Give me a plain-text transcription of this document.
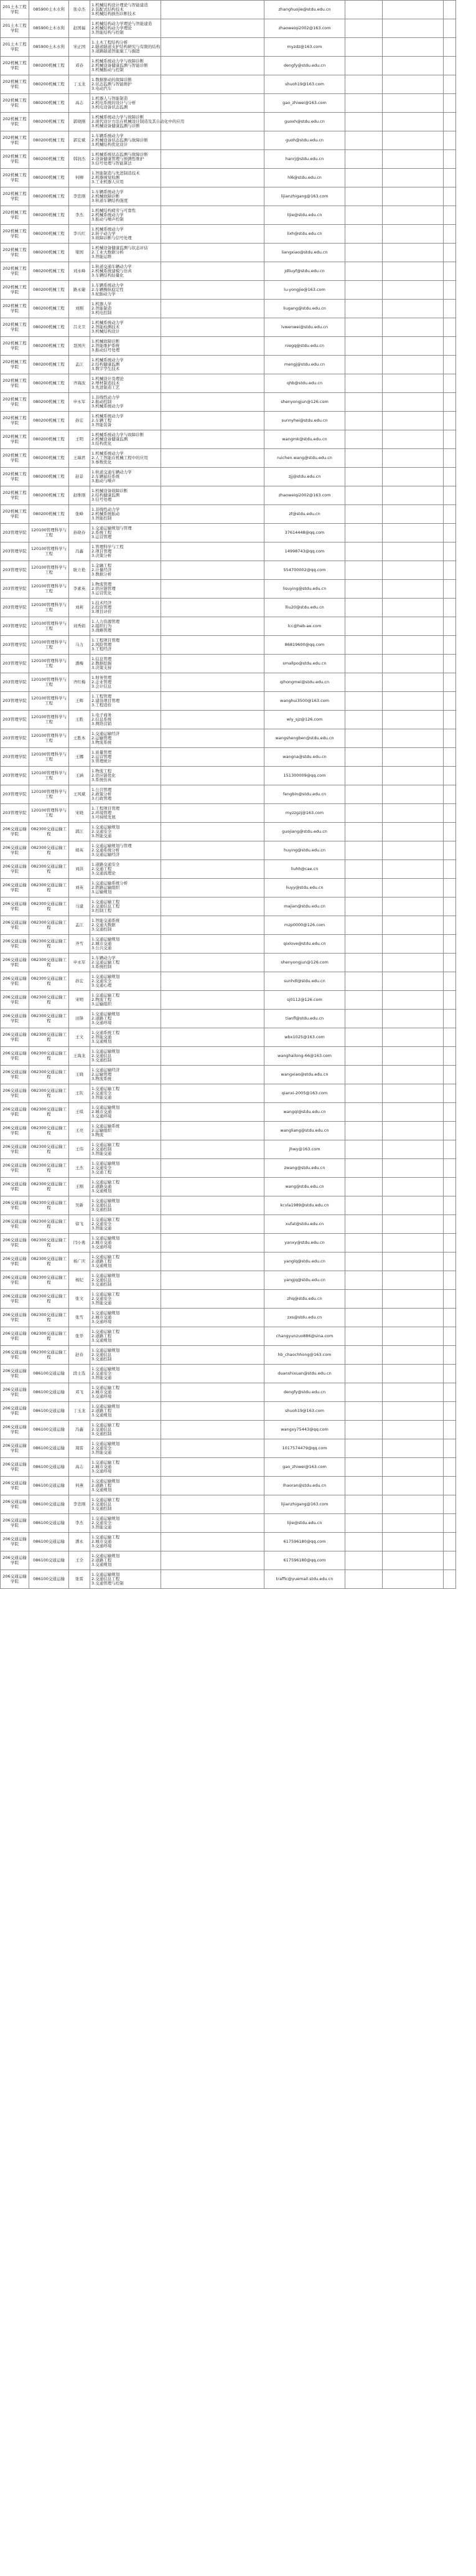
201土木工程学院	085900土木水利	张卓杰	1.机械结构设计理论与智能建造
2.装配式结构技术
3.机械结构损伤诊断技术		zhanghuojie@stdu.edu.cn			
201土木工程学院	085900土木水利	赵国福	1.机械结构动力学理论与智能建造
2.机械结构动力学理论
3.智能结构与控制		zhaoweiqi2002@163.com			
201土木工程学院	085900土木水利	宋正国	1.土木工程结构分析
2.隧道隧道支护结构研究与有限的结构
3.道路隧道智能施工与掘进		myzdz@163.com			
202机械工程学院	080200机械工程	邓春	1.机械系统动力学与故障诊断
2.机械设备健康监测与智能诊断
3.机械振动与控制		dengfy@stdu.edu.cn			
202机械工程学院	080200机械工程	丁玉龙	1.数据驱动的故障诊断
2.状态监测与智能维护
3.电动汽车		shuoh19@163.com			
202机械工程学院	080200机械工程	高志	1.机器人与智能制造
2.机电系统的设计与分析
3.机电设备状态监测		gao_zhiwei@163.com			
202机械工程学院	080200机械工程	郭晓刚	1.机械系统动力学与故障诊断
2.现代设计方法在机械设计制造及其自动化中的应用
3.机械设备健康监测与诊断		guoxh@stdu.edu.cn			
202机械工程学院	080200机械工程	郭宏斌	1.车辆系统动力学
2.机械设备状态监测与故障诊断
3.机械结构优化设计		guoh@stdu.edu.cn			
202机械工程学院	080200机械工程	韩润杰	1.机械系统状态监测与故障诊断
2.设备健康管理与预测性维护
3.信号处理与智能算法		hanrj@stdu.edu.cn			
202机械工程学院	080200机械工程	何柳	1.智能制造与先进制造技术
2.机器视觉检测
3.工业机器人应用		hl6@stdu.edu.cn			
202机械工程学院	080200机械工程	李忠刚	1.车辆系统动力学
2.机械故障诊断
3.轨道车辆结构强度		lijianzhigang@163.com			
202机械工程学院	080200机械工程	李杰	1.机械结构疲劳与可靠性
2.机械系统动力学
3.振动与噪声控制		lijie@stdu.edu.cn			
202机械工程学院	080200机械工程	李兴红	1.机械系统动力学
2.转子动力学
3.故障诊断与信号处理		lixh@stdu.edu.cn			
202机械工程学院	080200机械工程	梁国	1.机械设备健康监测与状态评估
2.工业大数据分析
3.智能运维		liangxiao@stdu.edu.cn			
202机械工程学院	080200机械工程	刘永峰	1.轨道交通车辆动力学
2.机械系统建模与仿真
3.车辆结构轻量化		jdliuyf@stdu.edu.cn			
202机械工程学院	080200机械工程	路永婕	1.车辆系统动力学
2.车辆操纵稳定性
3.轮胎动力学		lu-yongjie@163.com			
202机械工程学院	080200机械工程	刘刚	1.机器人学
2.智能制造
3.机电控制		liugang@stdu.edu.cn			
202机械工程学院	080200机械工程	吕文卫	1.机械系统动力学
2.智能检测技术
3.机械结构设计		lvwenwei@stdu.edu.cn			
202机械工程学院	080200机械工程	聂国庆	1.机械故障诊断
2.智能维护系统
3.振动信号处理		niegq@stdu.edu.cn			
202机械工程学院	080200机械工程	孟江	1.机械系统动力学
2.结构健康监测
3.数字孪生技术		mengj@stdu.edu.cn			
202机械工程学院	080200机械工程	齐海波	1.机械设计及理论
2.增材制造技术
3.先进制造工艺		qhb@stdu.edu.cn			
202机械工程学院	080200机械工程	申永军	1.非线性动力学
2.振动控制
3.机械系统动力学		shenyongjun@126.com			
202机械工程学院	080200机械工程	孙宏	1.机械系统动力学
2.车辆工程
3.智能装备		sunnyhei@stdu.edu.cn			
202机械工程学院	080200机械工程	王明	1.机械系统动力学与故障诊断
2.机械设备健康监测
3.结构优化		wangmk@stdu.edu.cn			
202机械工程学院	080200机械工程	王瑞君	1.机械系统动力学
2.人工智能在机械工程中的应用
3.参数优化		ruichen.wang@stdu.edu.cn			
202机械工程学院	080200机械工程	赵景	1.轨道交通车辆动力学
2.车辆悬挂系统
3.振动与噪声		zjj@stdu.edu.cn			
202机械工程学院	080200机械工程	赵维刚	1.机械设备故障诊断
2.结构健康监测
3.信号处理		zhaoweiqi2002@163.com			
202机械工程学院	080200机械工程	张峰	1.非线性动力学
2.机械系统振动
3.智能控制		zf@stdu.edu.cn			
203管理学院	120100管理科学与工程	孙晓春	1.交通运输规划与管理
2.系统工程
3.运营管理		37614448@qq.com			
203管理学院	120100管理科学与工程	冯鑫	1.管理科学与工程
2.项目管理
3.决策分析		14998743@qq.com			
203管理学院	120100管理科学与工程	耿立艳	1.金融工程
2.计量经济
3.数据分析		554700002@qq.com			
203管理学院	120100管理科学与工程	李素英	1.物流管理
2.供应链管理
3.运营优化		lisuying@stdu.edu.cn			
203管理学院	120100管理科学与工程	刘莉	1.技术经济
2.投资管理
3.项目评价		lliu20@stdu.edu.cn			
203管理学院	120100管理科学与工程	刘秀娟	1.人力资源管理
2.组织行为
3.战略管理		lcc@heb-ae.com			
203管理学院	120100管理科学与工程	马力	1.工程项目管理
2.风险管理
3.工程经济		86819600@qq.com			
203管理学院	120100管理科学与工程	潘梅	1.信息管理
2.数据挖掘
3.决策支持		smallpo@stdu.edu.cn			
203管理学院	120100管理科学与工程	齐红梅	1.财务管理
2.企业管理
3.会计信息		qihongmei@stdu.edu.cn			
203管理学院	120100管理科学与工程	王辉	1.工程管理
2.建设项目管理
3.工程造价		wanghui3500@163.com			
203管理学院	120100管理科学与工程	王胜	1.电子商务
2.信息系统
3.网络营销		wly_sjz@126.com			
203管理学院	120100管理科学与工程	王胜本	1.交通运输经济
2.运输管理
3.物流系统		wangshengben@stdu.edu.cn			
203管理学院	120100管理科学与工程	王娜	1.质量管理
2.运营管理
3.管理统计		wangna@stdu.edu.cn			
203管理学院	120100管理科学与工程	王涵	1.物流工程
2.供应链优化
3.系统仿真		151300009@qq.com			
203管理学院	120100管理科学与工程	王风斌	1.公共管理
2.政策分析
3.行政管理		fengbin@stdu.edu.cn			
203管理学院	120100管理科学与工程	宋晓	1.工程项目管理
2.环境管理
3.可持续发展		myzzgzj@163.com			
206交通运输学院	082300交通运输工程	郭江	1.交通运输规划
2.交通安全
3.智能交通		guojiang@stdu.edu.cn			
206交通运输学院	082300交通运输工程	胡英	1.交通运输规划与管理
2.交通系统分析
3.交通运输经济		huying@stdu.edu.cn			
206交通运输学院	082300交通运输工程	刘洪	1.道路交通安全
2.交通工程
3.交通流理论		liuhh@cae.cn			
206交通运输学院	082300交通运输工程	刘英	1.交通运输系统分析
2.铁路运输组织
3.运输规划		liuyy@stdu.edu.cn			
206交通运输学院	082300交通运输工程	马建	1.交通运输工程
2.交通信息工程
3.控制工程		majian@stdu.edu.cn			
206交通运输学院	082300交通运输工程	孟江	1.智能交通系统
2.交通大数据
3.交通控制		mzp0000@126.com			
206交通运输学院	082300交通运输工程	齐雪	1.交通运输规划
2.城市交通
3.公共交通		qixlove@stdu.edu.cn			
206交通运输学院	082300交通运输工程	申永军	1.车辆动力学
2.交通运输工程
3.系统控制		shenyongjun@126.com			
206交通运输学院	082300交通运输工程	孙宏	1.交通运输规划
2.交通安全
3.交通心理		sunhdl@stdu.edu.cn			
206交通运输学院	082300交通运输工程	宋明	1.交通运输工程
2.物流工程
3.运输组织		sj0112@126.com			
206交通运输学院	082300交通运输工程	田锋	1.交通运输规划
2.道路工程
3.交通环境		tianfl@stdu.edu.cn			
206交通运输学院	082300交通运输工程	王文	1.交通系统工程
2.智能交通
3.交通规划		wbx1025@163.com			
206交通运输学院	082300交通运输工程	王海龙	1.交通运输规划
2.交通信息
3.交通控制		wanghailong-66@163.com			
206交通运输学院	082300交通运输工程	王晓	1.交通运输经济
2.运输管理
3.物流系统		wangxiao@stdu.edu.cn			
206交通运输学院	082300交通运输工程	王钦	1.交通运输工程
2.交通安全
3.智能交通		qianxi-2005@163.com			
206交通运输学院	082300交通运输工程	王琪	1.交通运输规划
2.城市交通
3.交通环境		wangql@stdu.edu.cn			
206交通运输学院	082300交通运输工程	王亮	1.交通运输系统
2.运输组织
3.物流		wangliang@stdu.edu.cn			
206交通运输学院	082300交通运输工程	王伟	1.交通运输工程
2.交通控制
3.智能交通		jhwy@163.com			
206交通运输学院	082300交通运输工程	王杰	1.交通运输规划
2.交通安全
3.交通工程		zwang@stdu.edu.cn			
206交通运输学院	082300交通运输工程	王刚	1.交通运输工程
2.道路交通
3.交通规划		wang@stdu.edu.cn			
206交通运输学院	082300交通运输工程	吴新	1.交通运输规划
2.交通信息
3.交通控制		kcvla1989@stdu.edu.cn			
206交通运输学院	082300交通运输工程	徐飞	1.交通运输工程
2.交通安全
3.智能交通		xufat@stdu.edu.cn			
206交通运输学院	082300交通运输工程	闫小勇	1.交通运输规划
2.城市交通
3.交通环境		yanxy@stdu.edu.cn			
206交通运输学院	082300交通运输工程	杨广庆	1.交通运输工程
2.道路工程
3.交通规划		yanglq@stdu.edu.cn			
206交通运输学院	082300交通运输工程	杨纪	1.交通运输规划
2.交通信息
3.交通控制		yangjq@stdu.edu.cn			
206交通运输学院	082300交通运输工程	张文	1.交通运输工程
2.交通安全
3.智能交通		zhq@stdu.edu.cn			
206交通运输学院	082300交通运输工程	张雪	1.交通运输规划
2.城市交通
3.交通环境		zxs@stdu.edu.cn			
206交通运输学院	082300交通运输工程	张华	1.交通运输工程
2.道路工程
3.交通规划		changyunzuo886@sina.com			
206交通运输学院	082300交通运输工程	赵春	1.交通运输规划
2.交通信息
3.交通控制		hb_chaochhong@163.com			
206交通运输学院	086100交通运输	段士选	1.交通运输规划
2.交通安全
3.智能交通		duanshixuan@stdu.edu.cn			
206交通运输学院	086100交通运输	邓飞	1.交通运输工程
2.城市交通
3.交通环境		dengfy@stdu.edu.cn			
206交通运输学院	086100交通运输	丁玉龙	1.交通运输规划
2.道路工程
3.交通规划		shuoh19@163.com			
206交通运输学院	086100交通运输	冯鑫	1.交通运输工程
2.交通信息
3.交通控制		wangxy75443@qq.com			
206交通运输学院	086100交通运输	周雷	1.交通运输规划
2.交通安全
3.智能交通		1017574479@qq.com			
206交通运输学院	086100交通运输	高志	1.交通运输工程
2.城市交通
3.交通环境		gao_zhiwei@163.com			
206交通运输学院	086100交通运输	何燕	1.交通运输规划
2.道路工程
3.交通规划		Ihaoran@stdu.edu.cn			
206交通运输学院	086100交通运输	李忠刚	1.交通运输工程
2.交通信息
3.交通控制		lijianzhigang@163.com			
206交通运输学院	086100交通运输	李杰	1.交通运输规划
2.交通安全
3.智能交通		lijie@stdu.edu.cn			
206交通运输学院	086100交通运输	潘永	1.交通运输工程
2.城市交通
3.交通环境		617596180@qq.com			
206交通运输学院	086100交通运输	王全	1.交通运输规划
2.道路工程
3.交通规划		617596180@qq.com			
206交通运输学院	086100交通运输	张雷	1.交通运输规划
2.交通信息工程
3.交通管理与控制		traffic@yuemail.stdu.edu.cn			
